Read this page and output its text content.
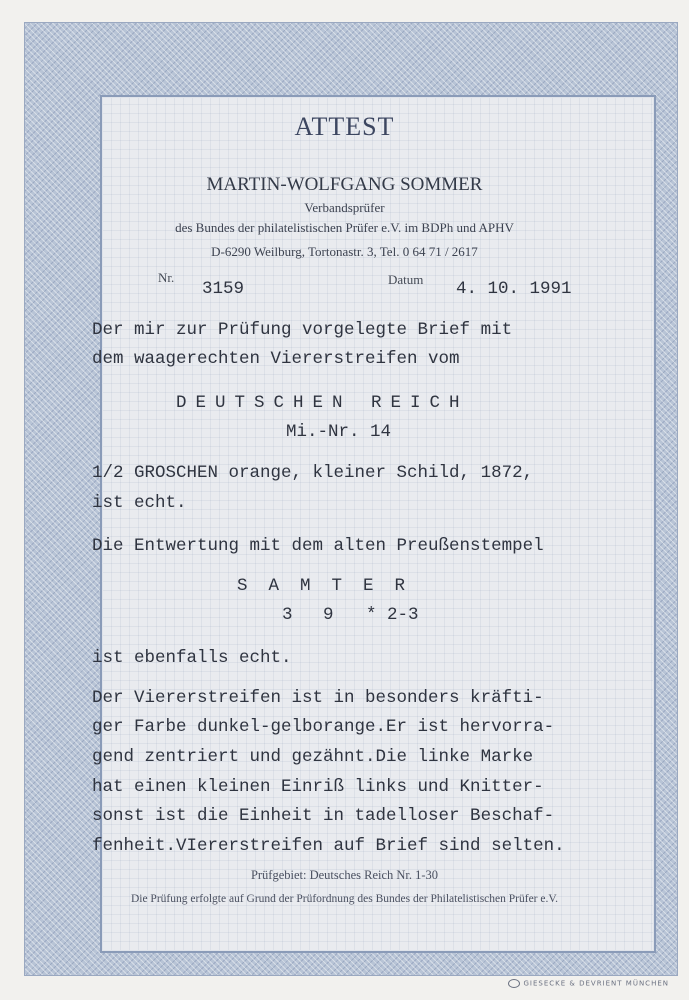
ATTEST
MARTIN-WOLFGANG SOMMER
Verbandsprüfer
des Bundes der philatelistischen Prüfer e.V. im BDPh und APHV
D-6290 Weilburg, Tortonastr. 3, Tel. 0 64 71 / 2617
Nr.
3159	Datum 4. 10. 1991
Der mir zur Prüfung vorgelegte Brief mit
dem waagerechten Viererstreifen vom
DEUTSCHEN REICH
Mi.-Nr. 14
1/2 GROSCHEN orange, kleiner Schild, 1872,
ist echt.
Die Entwertung mit dem alten Preußenstempel
SAMTER
3 9 * 2-3
ist ebenfalls echt.
Der Viererstreifen ist in besonders kräfti-
ger Farbe dunkel-gelborange.Er ist hervorra-
gend zentriert und gezähnt.Die linke Marke
hat einen kleinen Einriß links und Knitter-
sonst ist die Einheit in tadelloser Beschaf-
fenheit.VIererstreifen auf Brief sind selten.
Prüfgebiet: Deutsches Reich Nr. 1-30
Die Prüfung erfolgte auf Grund der Prüfordnung des Bundes der Philatelistischen Prüfer e.V.
GIESECKE & DEVRIENT MÜNCHEN
